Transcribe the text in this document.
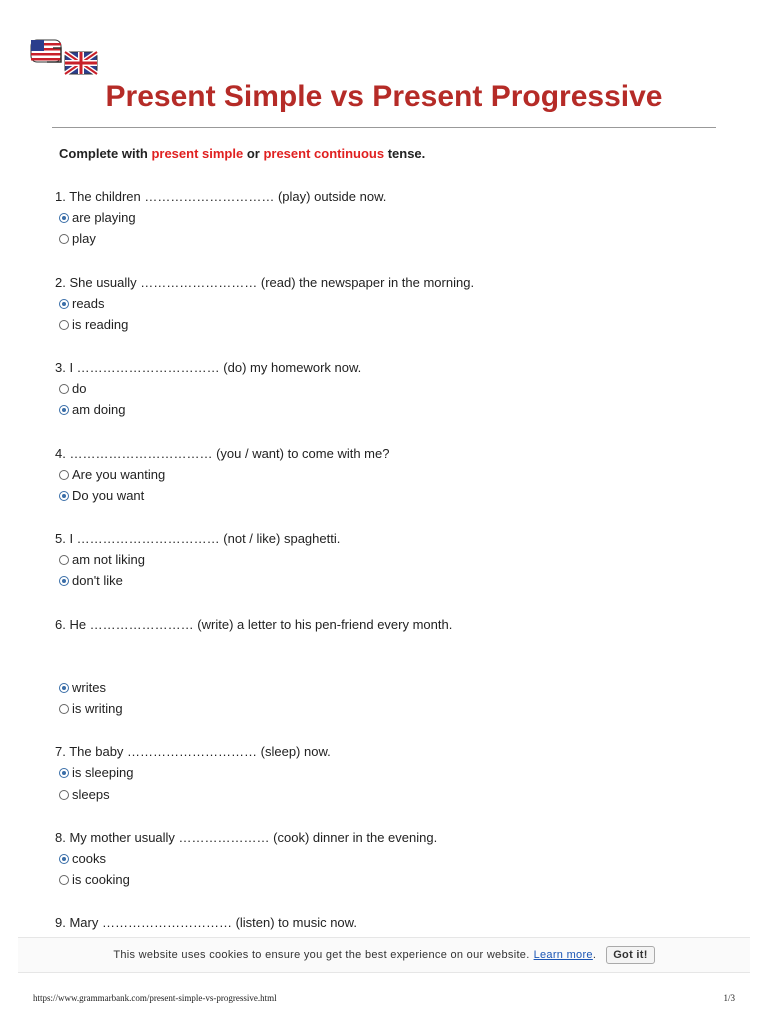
Present Simple vs Present Progressive
Complete with present simple or present continuous tense.
1. The children ………………………… (play) outside now.
are playing
play
2. She usually ……………………… (read) the newspaper in the morning.
reads
is reading
3. I …………………………… (do) my homework now.
do
am doing
4. …………………………… (you / want) to come with me?
Are you wanting
Do you want
5. I …………………………… (not / like) spaghetti.
am not liking
don't like
6. He …………………… (write) a letter to his pen-friend every month.
writes
is writing
7. The baby ………………………… (sleep) now.
is sleeping
sleeps
8. My mother usually ………………… (cook) dinner in the evening.
cooks
is cooking
9. Mary ………………………… (listen) to music now.
This website uses cookies to ensure you get the best experience on our website. Learn more .	Got it!
https://www.grammarbank.com/present-simple-vs-progressive.html	1/3
